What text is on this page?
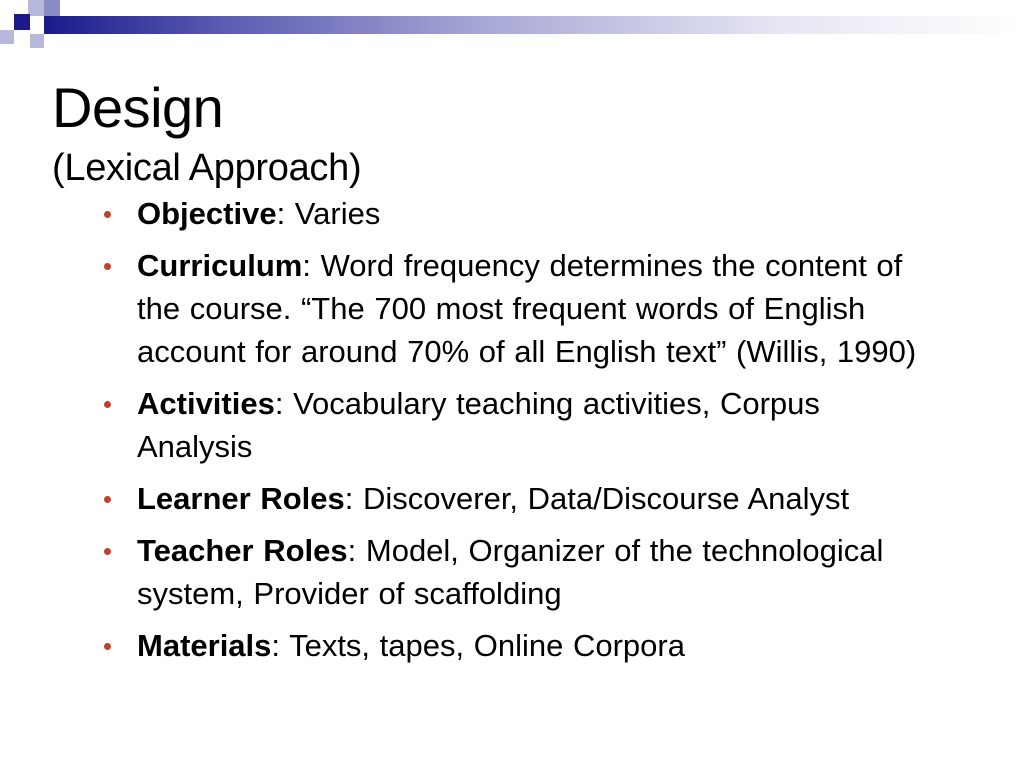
Design
(Lexical Approach)
Objective: Varies
Curriculum: Word frequency determines the content of the course. “The 700 most frequent words of English account for around 70% of all English text” (Willis, 1990)
Activities: Vocabulary teaching activities, Corpus Analysis
Learner Roles: Discoverer, Data/Discourse Analyst
Teacher Roles: Model, Organizer of the technological system, Provider of scaffolding
Materials: Texts, tapes, Online Corpora
